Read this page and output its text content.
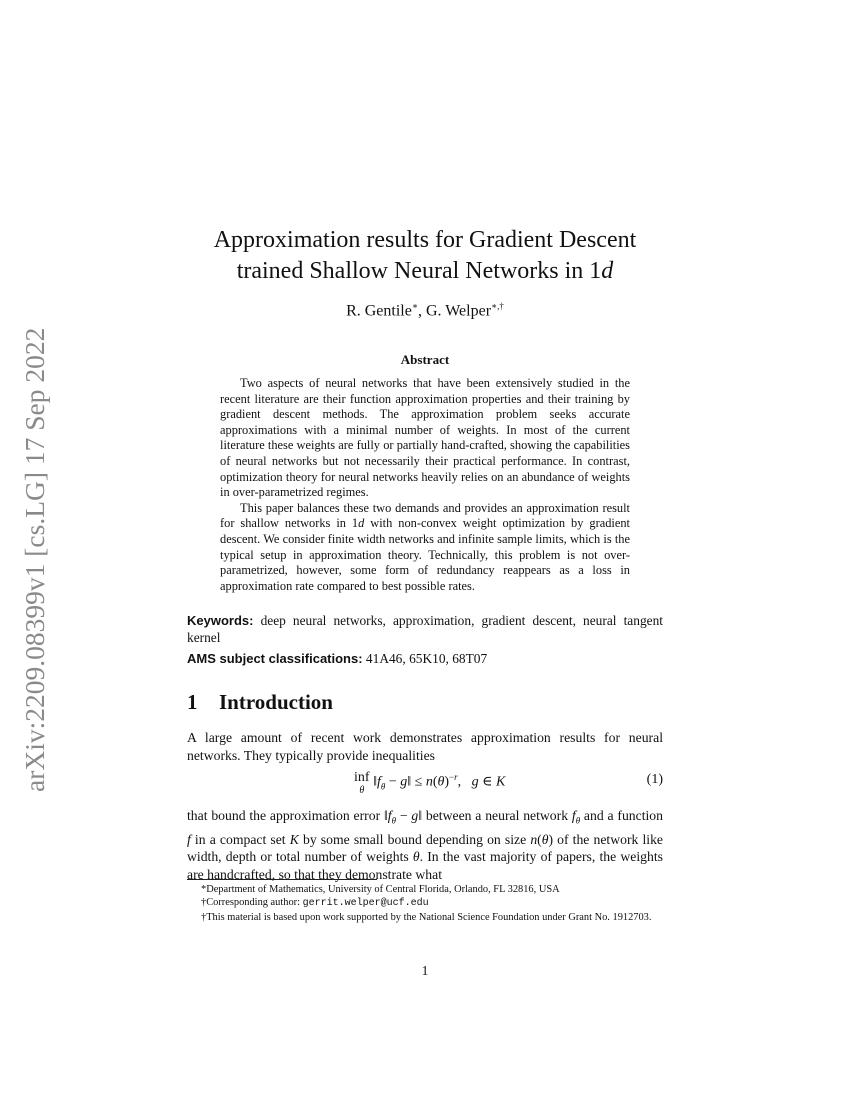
arXiv:2209.08399v1 [cs.LG] 17 Sep 2022
Approximation results for Gradient Descent
trained Shallow Neural Networks in 1d
R. Gentile∗, G. Welper∗,†
Abstract

Two aspects of neural networks that have been extensively studied in the recent literature are their function approximation properties and their training by gradient descent methods. The approximation problem seeks accurate approximations with a minimal number of weights. In most of the current literature these weights are fully or partially hand-crafted, showing the capabilities of neural networks but not necessarily their practical performance. In contrast, optimization theory for neural networks heavily relies on an abundance of weights in over-parametrized regimes.

This paper balances these two demands and provides an approximation result for shallow networks in 1d with non-convex weight optimization by gradient descent. We consider finite width networks and infinite sample limits, which is the typical setup in approximation theory. Technically, this problem is not over-parametrized, however, some form of redundancy reappears as a loss in approximation rate compared to best possible rates.

Keywords: deep neural networks, approximation, gradient descent, neural tangent kernel
AMS subject classifications: 41A46, 65K10, 68T07
1 Introduction

A large amount of recent work demonstrates approximation results for neural networks. They typically provide inequalities

inf
θ $‖f_\theta$ − g‖ ≤ $n(\theta)^{-r}$,   g ∈ K	(1)

that bound the approximation error $‖f_\theta$ − g‖ between a neural network $f_\theta$ and a function f in a compact set K by some small bound depending on size n(θ) of the network like width, depth or total number of weights θ. In the vast majority of papers, the weights are handcrafted, so that they demonstrate what

*Department of Mathematics, University of Central Florida, Orlando, FL 32816, USA

†Corresponding author: gerrit.welper@ucf.edu

†This material is based upon work supported by the National Science Foundation under Grant No. 1912703.

1
